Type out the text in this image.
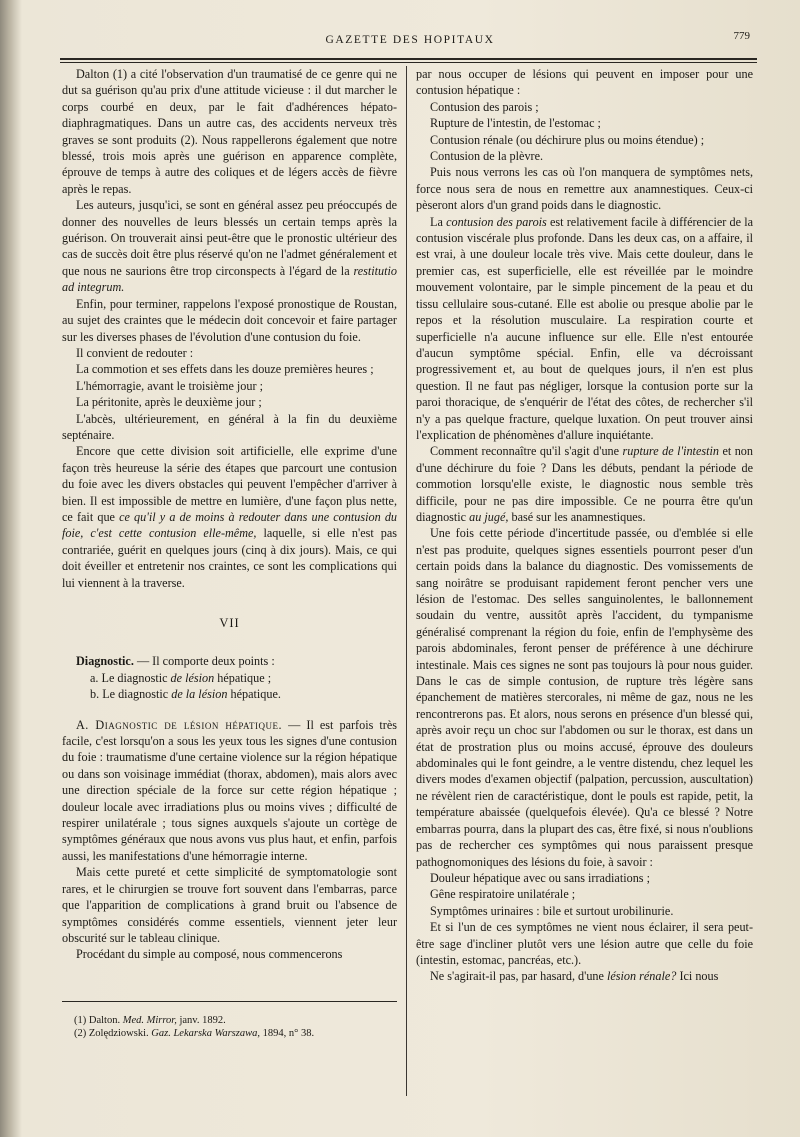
GAZETTE DES HOPITAUX	779

Dalton (1) a cité l'observation d'un traumatisé de ce genre qui ne dut sa guérison qu'au prix d'une attitude vicieuse : il dut marcher le corps courbé en deux, par le fait d'adhérences hépato-diaphragmatiques. Dans un autre cas, des accidents nerveux très graves se sont produits (2). Nous rappellerons également que notre blessé, trois mois après une guérison en apparence complète, éprouve de temps à autre des coliques et de légers accès de fièvre après le repas.

Les auteurs, jusqu'ici, se sont en général assez peu préoccupés de donner des nouvelles de leurs blessés un certain temps après la guérison. On trouverait ainsi peut-être que le pronostic ultérieur des cas de succès doit être plus réservé qu'on ne l'admet généralement et que nous ne saurions être trop circonspects à l'égard de la restitutio ad integrum.

Enfin, pour terminer, rappelons l'exposé pronostique de Roustan, au sujet des craintes que le médecin doit concevoir et faire partager sur les diverses phases de l'évolution d'une contusion du foie.

Il convient de redouter :

La commotion et ses effets dans les douze premières heures ;

L'hémorragie, avant le troisième jour ;

La péritonite, après le deuxième jour ;

L'abcès, ultérieurement, en général à la fin du deuxième septénaire.

Encore que cette division soit artificielle, elle exprime d'une façon très heureuse la série des étapes que parcourt une contusion du foie avec les divers obstacles qui peuvent l'empêcher d'arriver à bien. Il est impossible de mettre en lumière, d'une façon plus nette, ce fait que ce qu'il y a de moins à redouter dans une contusion du foie, c'est cette contusion elle-même, laquelle, si elle n'est pas contrariée, guérit en quelques jours (cinq à dix jours). Mais, ce qui doit éveiller et entretenir nos craintes, ce sont les complications qui lui viennent à la traverse.

VII

Diagnostic. — Il comporte deux points :

a. Le diagnostic de lésion hépatique ;

b. Le diagnostic de la lésion hépatique.

A. Diagnostic de lésion hépatique. — Il est parfois très facile, c'est lorsqu'on a sous les yeux tous les signes d'une contusion du foie : traumatisme d'une certaine violence sur la région hépatique ou dans son voisinage immédiat (thorax, abdomen), mais alors avec une direction spéciale de la force sur cette région hépatique ; douleur locale avec irradiations plus ou moins vives ; difficulté de respirer unilatérale ; tous signes auxquels s'ajoute un cortège de symptômes généraux que nous avons vus plus haut, et enfin, parfois aussi, les manifestations d'une hémorragie interne.

Mais cette pureté et cette simplicité de symptomatologie sont rares, et le chirurgien se trouve fort souvent dans l'embarras, parce que l'apparition de complications à grand bruit ou l'absence de symptômes considérés comme essentiels, viennent jeter leur obscurité sur le tableau clinique.

Procédant du simple au composé, nous commencerons

(1) Dalton. Med. Mirror, janv. 1892.

(2) Zolędziowski. Gaz. Lekarska Warszawa, 1894, n° 38.

par nous occuper de lésions qui peuvent en imposer pour une contusion hépatique :

Contusion des parois ;

Rupture de l'intestin, de l'estomac ;

Contusion rénale (ou déchirure plus ou moins étendue) ;

Contusion de la plèvre.

Puis nous verrons les cas où l'on manquera de symptômes nets, force nous sera de nous en remettre aux anamnestiques. Ceux-ci pèseront alors d'un grand poids dans le diagnostic.

La contusion des parois est relativement facile à différencier de la contusion viscérale plus profonde. Dans les deux cas, on a affaire, il est vrai, à une douleur locale très vive. Mais cette douleur, dans le premier cas, est superficielle, elle est réveillée par le moindre mouvement volontaire, par le simple pincement de la peau et du tissu cellulaire sous-cutané. Elle est abolie ou presque abolie par le repos et la résolution musculaire. La respiration courte et superficielle n'a aucune influence sur elle. Elle n'est entourée d'aucun symptôme spécial. Enfin, elle va décroissant progressivement et, au bout de quelques jours, il n'en est plus question. Il ne faut pas négliger, lorsque la contusion porte sur la paroi thoracique, de s'enquérir de l'état des côtes, de rechercher s'il n'y a pas quelque fracture, quelque luxation. On peut trouver ainsi l'explication de phénomènes d'allure inquiétante.

Comment reconnaître qu'il s'agit d'une rupture de l'intestin et non d'une déchirure du foie ? Dans les débuts, pendant la période de commotion lorsqu'elle existe, le diagnostic nous semble très difficile, pour ne pas dire impossible. Ce ne pourra être qu'un diagnostic au jugé, basé sur les anamnestiques.

Une fois cette période d'incertitude passée, ou d'emblée si elle n'est pas produite, quelques signes essentiels pourront peser d'un certain poids dans la balance du diagnostic. Des vomissements de sang noirâtre se produisant rapidement feront pencher vers une lésion de l'estomac. Des selles sanguinolentes, le ballonnement soudain du ventre, aussitôt après l'accident, du tympanisme généralisé comprenant la région du foie, enfin de l'emphysème des parois abdominales, feront penser de préférence à une déchirure intestinale. Mais ces signes ne sont pas toujours là pour nous guider. Dans le cas de simple contusion, de rupture très légère sans épanchement de matières stercorales, ni même de gaz, nous ne les rencontrerons pas. Et alors, nous serons en présence d'un blessé qui, après avoir reçu un choc sur l'abdomen ou sur le thorax, est dans un état de prostration plus ou moins accusé, éprouve des douleurs abdominales qui le font geindre, a le ventre distendu, chez lequel les divers modes d'examen objectif (palpation, percussion, auscultation) ne révèlent rien de caractéristique, dont le pouls est rapide, petit, la température abaissée (quelquefois élevée). Qu'a ce blessé ? Notre embarras pourra, dans la plupart des cas, être fixé, si nous n'oublions pas de rechercher ces symptômes qui nous paraissent presque pathognomoniques des lésions du foie, à savoir :

Douleur hépatique avec ou sans irradiations ;

Gêne respiratoire unilatérale ;

Symptômes urinaires : bile et surtout urobilinurie.

Et si l'un de ces symptômes ne vient nous éclairer, il sera peut-être sage d'incliner plutôt vers une lésion autre que celle du foie (intestin, estomac, pancréas, etc.).

Ne s'agirait-il pas, par hasard, d'une lésion rénale? Ici nous
